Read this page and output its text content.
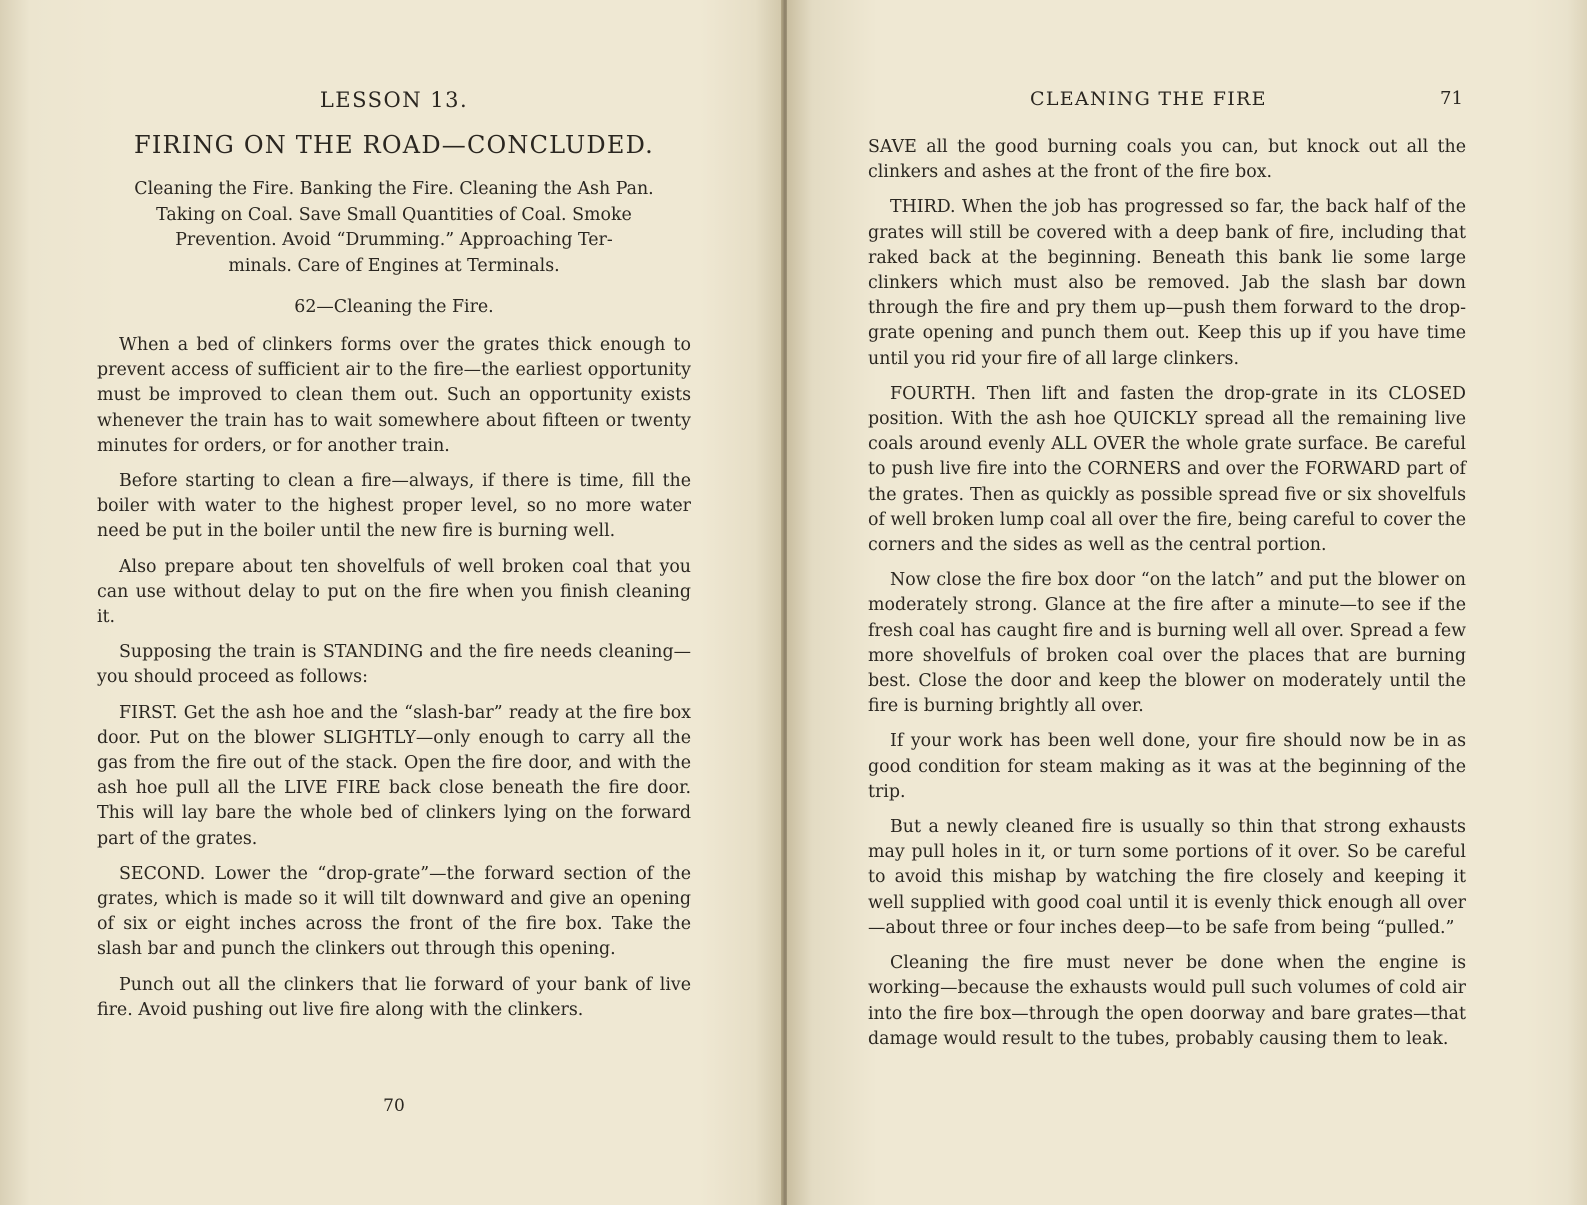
LESSON 13.
FIRING ON THE ROAD—CONCLUDED.
Cleaning the Fire. Banking the Fire. Cleaning the Ash Pan.
Taking on Coal. Save Small Quantities of Coal. Smoke
Prevention. Avoid “Drumming.” Approaching Ter-
minals. Care of Engines at Terminals.
62—Cleaning the Fire.

When a bed of clinkers forms over the grates thick enough to prevent access of sufficient air to the fire—the earliest opportunity must be improved to clean them out. Such an opportunity exists whenever the train has to wait somewhere about fifteen or twenty minutes for orders, or for another train.

Before starting to clean a fire—always, if there is time, fill the boiler with water to the highest proper level, so no more water need be put in the boiler until the new fire is burning well.

Also prepare about ten shovelfuls of well broken coal that you can use without delay to put on the fire when you finish cleaning it.

Supposing the train is STANDING and the fire needs cleaning—you should proceed as follows:

FIRST. Get the ash hoe and the “slash-bar” ready at the fire box door. Put on the blower SLIGHTLY—only enough to carry all the gas from the fire out of the stack. Open the fire door, and with the ash hoe pull all the LIVE FIRE back close beneath the fire door. This will lay bare the whole bed of clinkers lying on the forward part of the grates.

SECOND. Lower the “drop-grate”—the forward section of the grates, which is made so it will tilt downward and give an opening of six or eight inches across the front of the fire box. Take the slash bar and punch the clinkers out through this opening.

Punch out all the clinkers that lie forward of your bank of live fire. Avoid pushing out live fire along with the clinkers.

70
CLEANING THE FIRE	71

SAVE all the good burning coals you can, but knock out all the clinkers and ashes at the front of the fire box.

THIRD. When the job has progressed so far, the back half of the grates will still be covered with a deep bank of fire, including that raked back at the beginning. Beneath this bank lie some large clinkers which must also be removed. Jab the slash bar down through the fire and pry them up—push them forward to the drop-grate opening and punch them out. Keep this up if you have time until you rid your fire of all large clinkers.

FOURTH. Then lift and fasten the drop-grate in its CLOSED position. With the ash hoe QUICKLY spread all the remaining live coals around evenly ALL OVER the whole grate surface. Be careful to push live fire into the CORNERS and over the FORWARD part of the grates. Then as quickly as possible spread five or six shovelfuls of well broken lump coal all over the fire, being careful to cover the corners and the sides as well as the central portion.

Now close the fire box door “on the latch” and put the blower on moderately strong. Glance at the fire after a minute—to see if the fresh coal has caught fire and is burning well all over. Spread a few more shovelfuls of broken coal over the places that are burning best. Close the door and keep the blower on moderately until the fire is burning brightly all over.

If your work has been well done, your fire should now be in as good condition for steam making as it was at the beginning of the trip.

But a newly cleaned fire is usually so thin that strong exhausts may pull holes in it, or turn some portions of it over. So be careful to avoid this mishap by watching the fire closely and keeping it well supplied with good coal until it is evenly thick enough all over—about three or four inches deep—to be safe from being “pulled.”

Cleaning the fire must never be done when the engine is working—because the exhausts would pull such volumes of cold air into the fire box—through the open doorway and bare grates—that damage would result to the tubes, probably causing them to leak.
